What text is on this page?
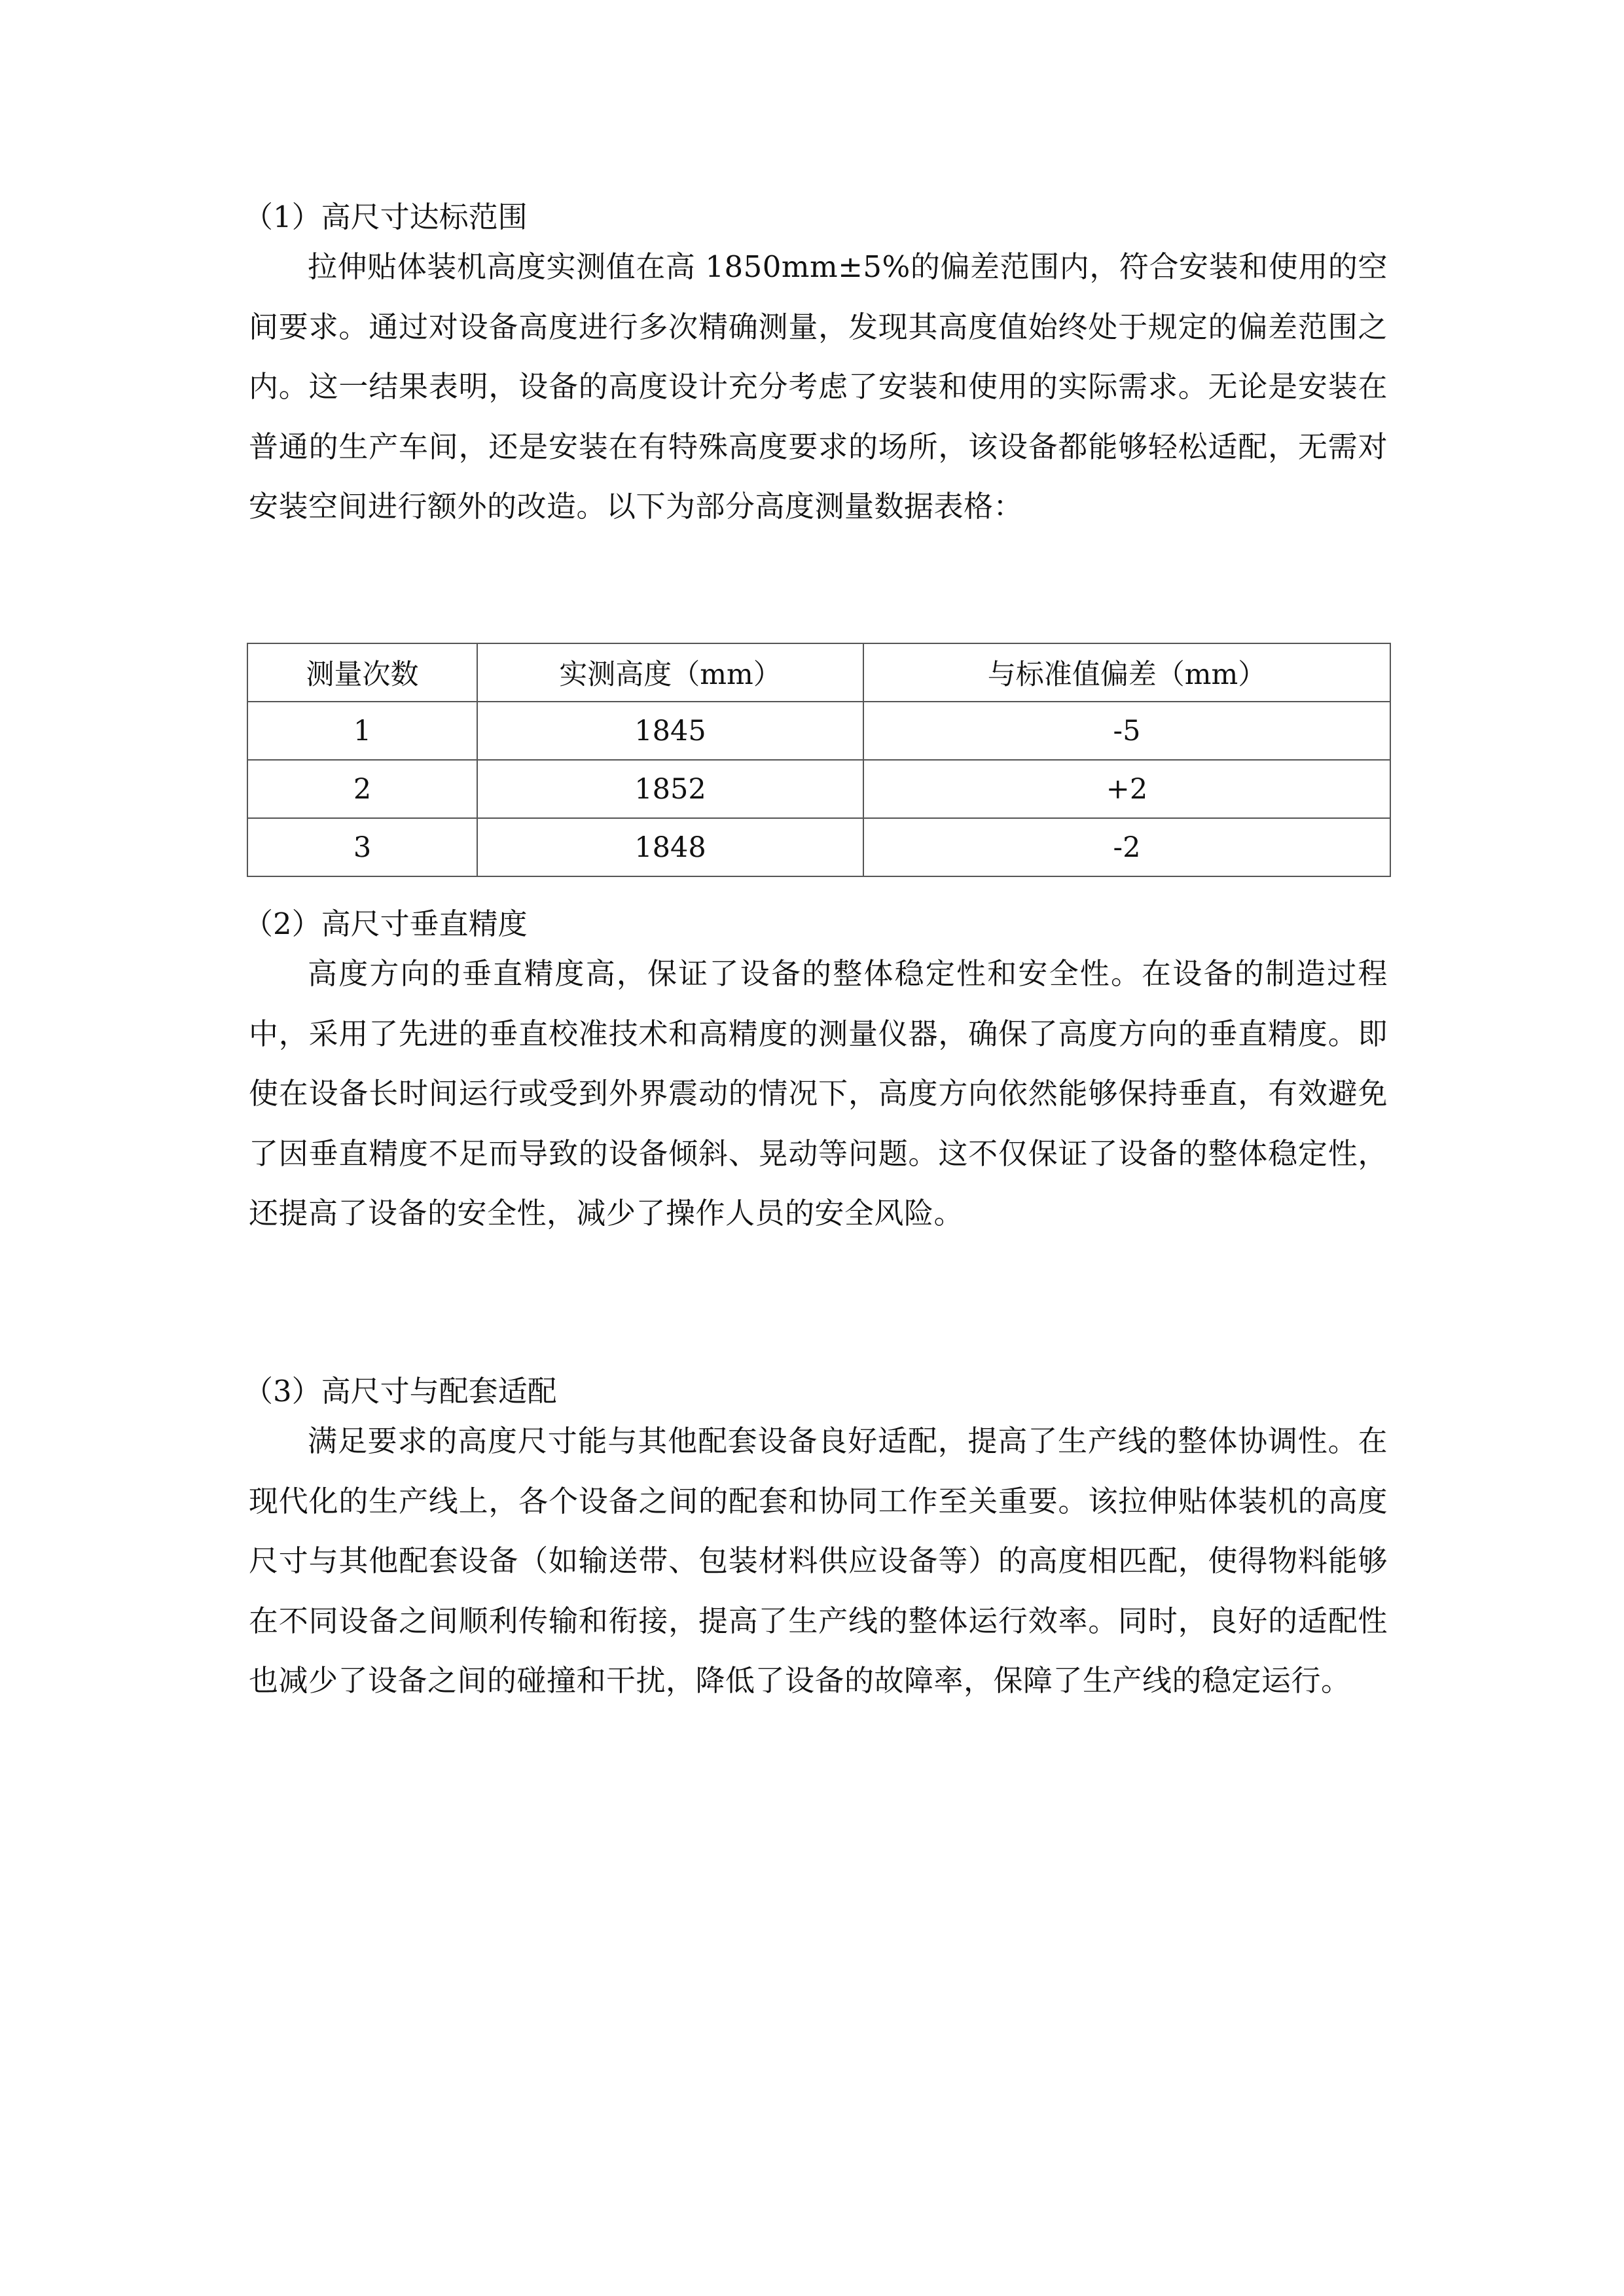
（1）高尺寸达标范围

拉伸贴体装机高度实测值在高 1850mm±5%的偏差范围内，符合安装和使用的空间要求。通过对设备高度进行多次精确测量，发现其高度值始终处于规定的偏差范围之内。这一结果表明，设备的高度设计充分考虑了安装和使用的实际需求。无论是安装在普通的生产车间，还是安装在有特殊高度要求的场所，该设备都能够轻松适配，无需对安装空间进行额外的改造。以下为部分高度测量数据表格：

测量次数	实测高度（mm）	与标准值偏差（mm）
1	1845	-5
2	1852	+2
3	1848	-2
（2）高尺寸垂直精度

高度方向的垂直精度高，保证了设备的整体稳定性和安全性。在设备的制造过程中，采用了先进的垂直校准技术和高精度的测量仪器，确保了高度方向的垂直精度。即使在设备长时间运行或受到外界震动的情况下，高度方向依然能够保持垂直，有效避免了因垂直精度不足而导致的设备倾斜、晃动等问题。这不仅保证了设备的整体稳定性，还提高了设备的安全性，减少了操作人员的安全风险。

（3）高尺寸与配套适配

满足要求的高度尺寸能与其他配套设备良好适配，提高了生产线的整体协调性。在现代化的生产线上，各个设备之间的配套和协同工作至关重要。该拉伸贴体装机的高度尺寸与其他配套设备（如输送带、包装材料供应设备等）的高度相匹配，使得物料能够在不同设备之间顺利传输和衔接，提高了生产线的整体运行效率。同时，良好的适配性也减少了设备之间的碰撞和干扰，降低了设备的故障率，保障了生产线的稳定运行。
